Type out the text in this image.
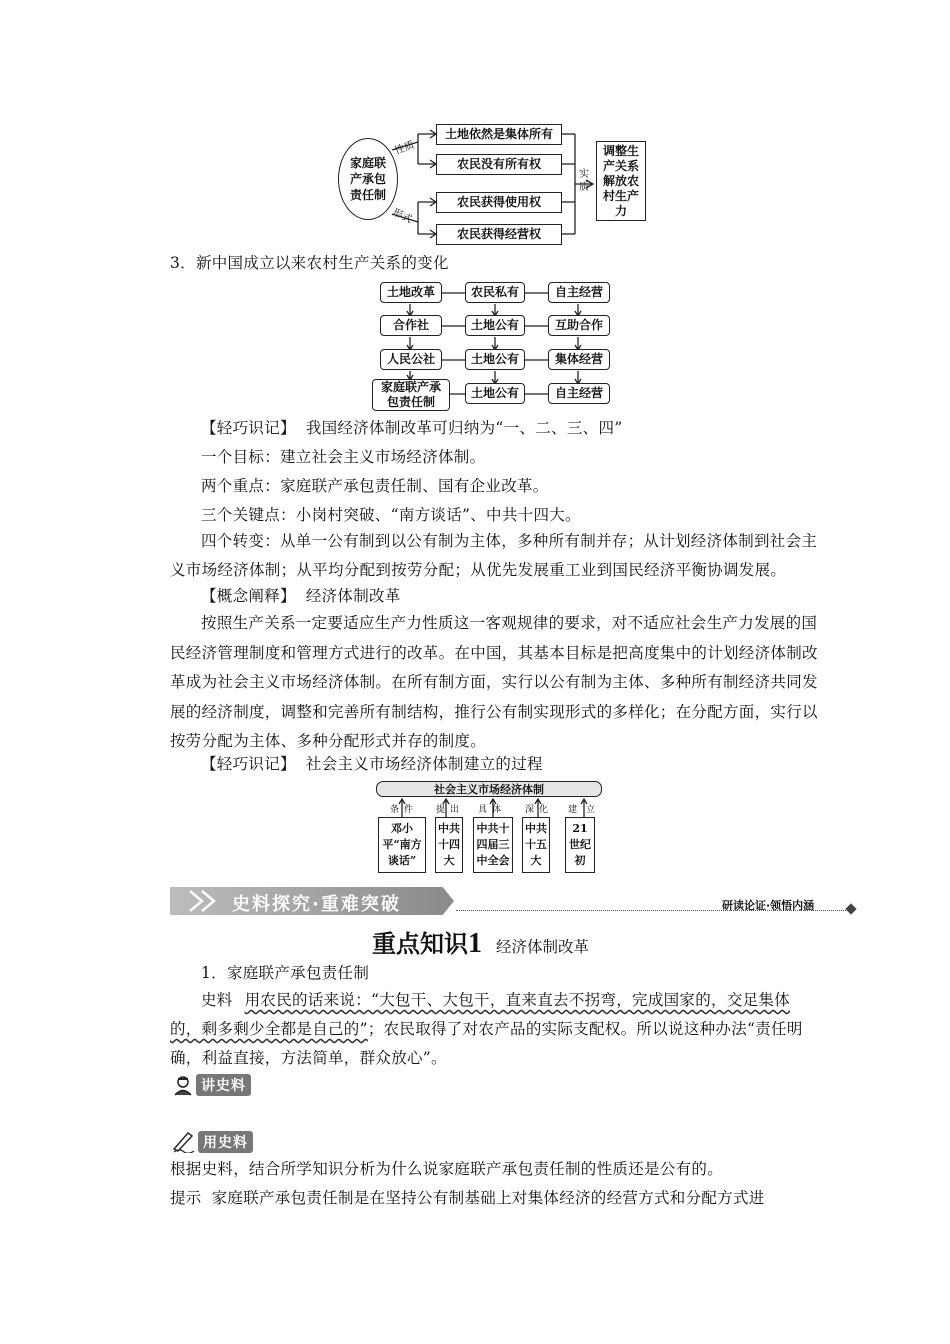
家庭联产承包责任制
性质
形式
土地依然是集体所有
农民没有所有权
农民获得使用权
农民获得经营权
实质
调整生产关系解放农村生产力
3．新中国成立以来农村生产关系的变化
土地改革	农民私有	自主经营
合作社	土地公有	互助合作
人民公社	土地公有	集体经营
家庭联产承包责任制
土地公有	自主经营
【轻巧识记】 我国经济体制改革可归纳为“一、二、三、四”
一个目标：建立社会主义市场经济体制。
两个重点：家庭联产承包责任制、国有企业改革。
三个关键点：小岗村突破、“南方谈话”、中共十四大。
四个转变：从单一公有制到以公有制为主体，多种所有制并存；从计划经济体制到社会主义市场经济体制；从平均分配到按劳分配；从优先发展重工业到国民经济平衡协调发展。
【概念阐释】 经济体制改革
按照生产关系一定要适应生产力性质这一客观规律的要求，对不适应社会生产力发展的国民经济管理制度和管理方式进行的改革。在中国，其基本目标是把高度集中的计划经济体制改革成为社会主义市场经济体制。在所有制方面，实行以公有制为主体、多种所有制经济共同发展的经济制度，调整和完善所有制结构，推行公有制实现形式的多样化；在分配方面，实行以按劳分配为主体、多种分配形式并存的制度。
【轻巧识记】 社会主义市场经济体制建立的过程
社会主义市场经济体制
条件 提出 具体 深化 建立
邓小平“南方谈话”
中共十四大
中共十四届三中全会
中共十五大
21世纪初
史料探究·重难突破	研读论证·领悟内涵
重点知识1 经济体制改革
1．家庭联产承包责任制
史料 用农民的话来说：“大包干、大包干，直来直去不拐弯，完成国家的，交足集体的，剩多剩少全都是自己的”；农民取得了对农产品的实际支配权。所以说这种办法“责任明确，利益直接，方法简单，群众放心”。
讲史料
用史料
根据史料，结合所学知识分析为什么说家庭联产承包责任制的性质还是公有的。
提示 家庭联产承包责任制是在坚持公有制基础上对集体经济的经营方式和分配方式进
